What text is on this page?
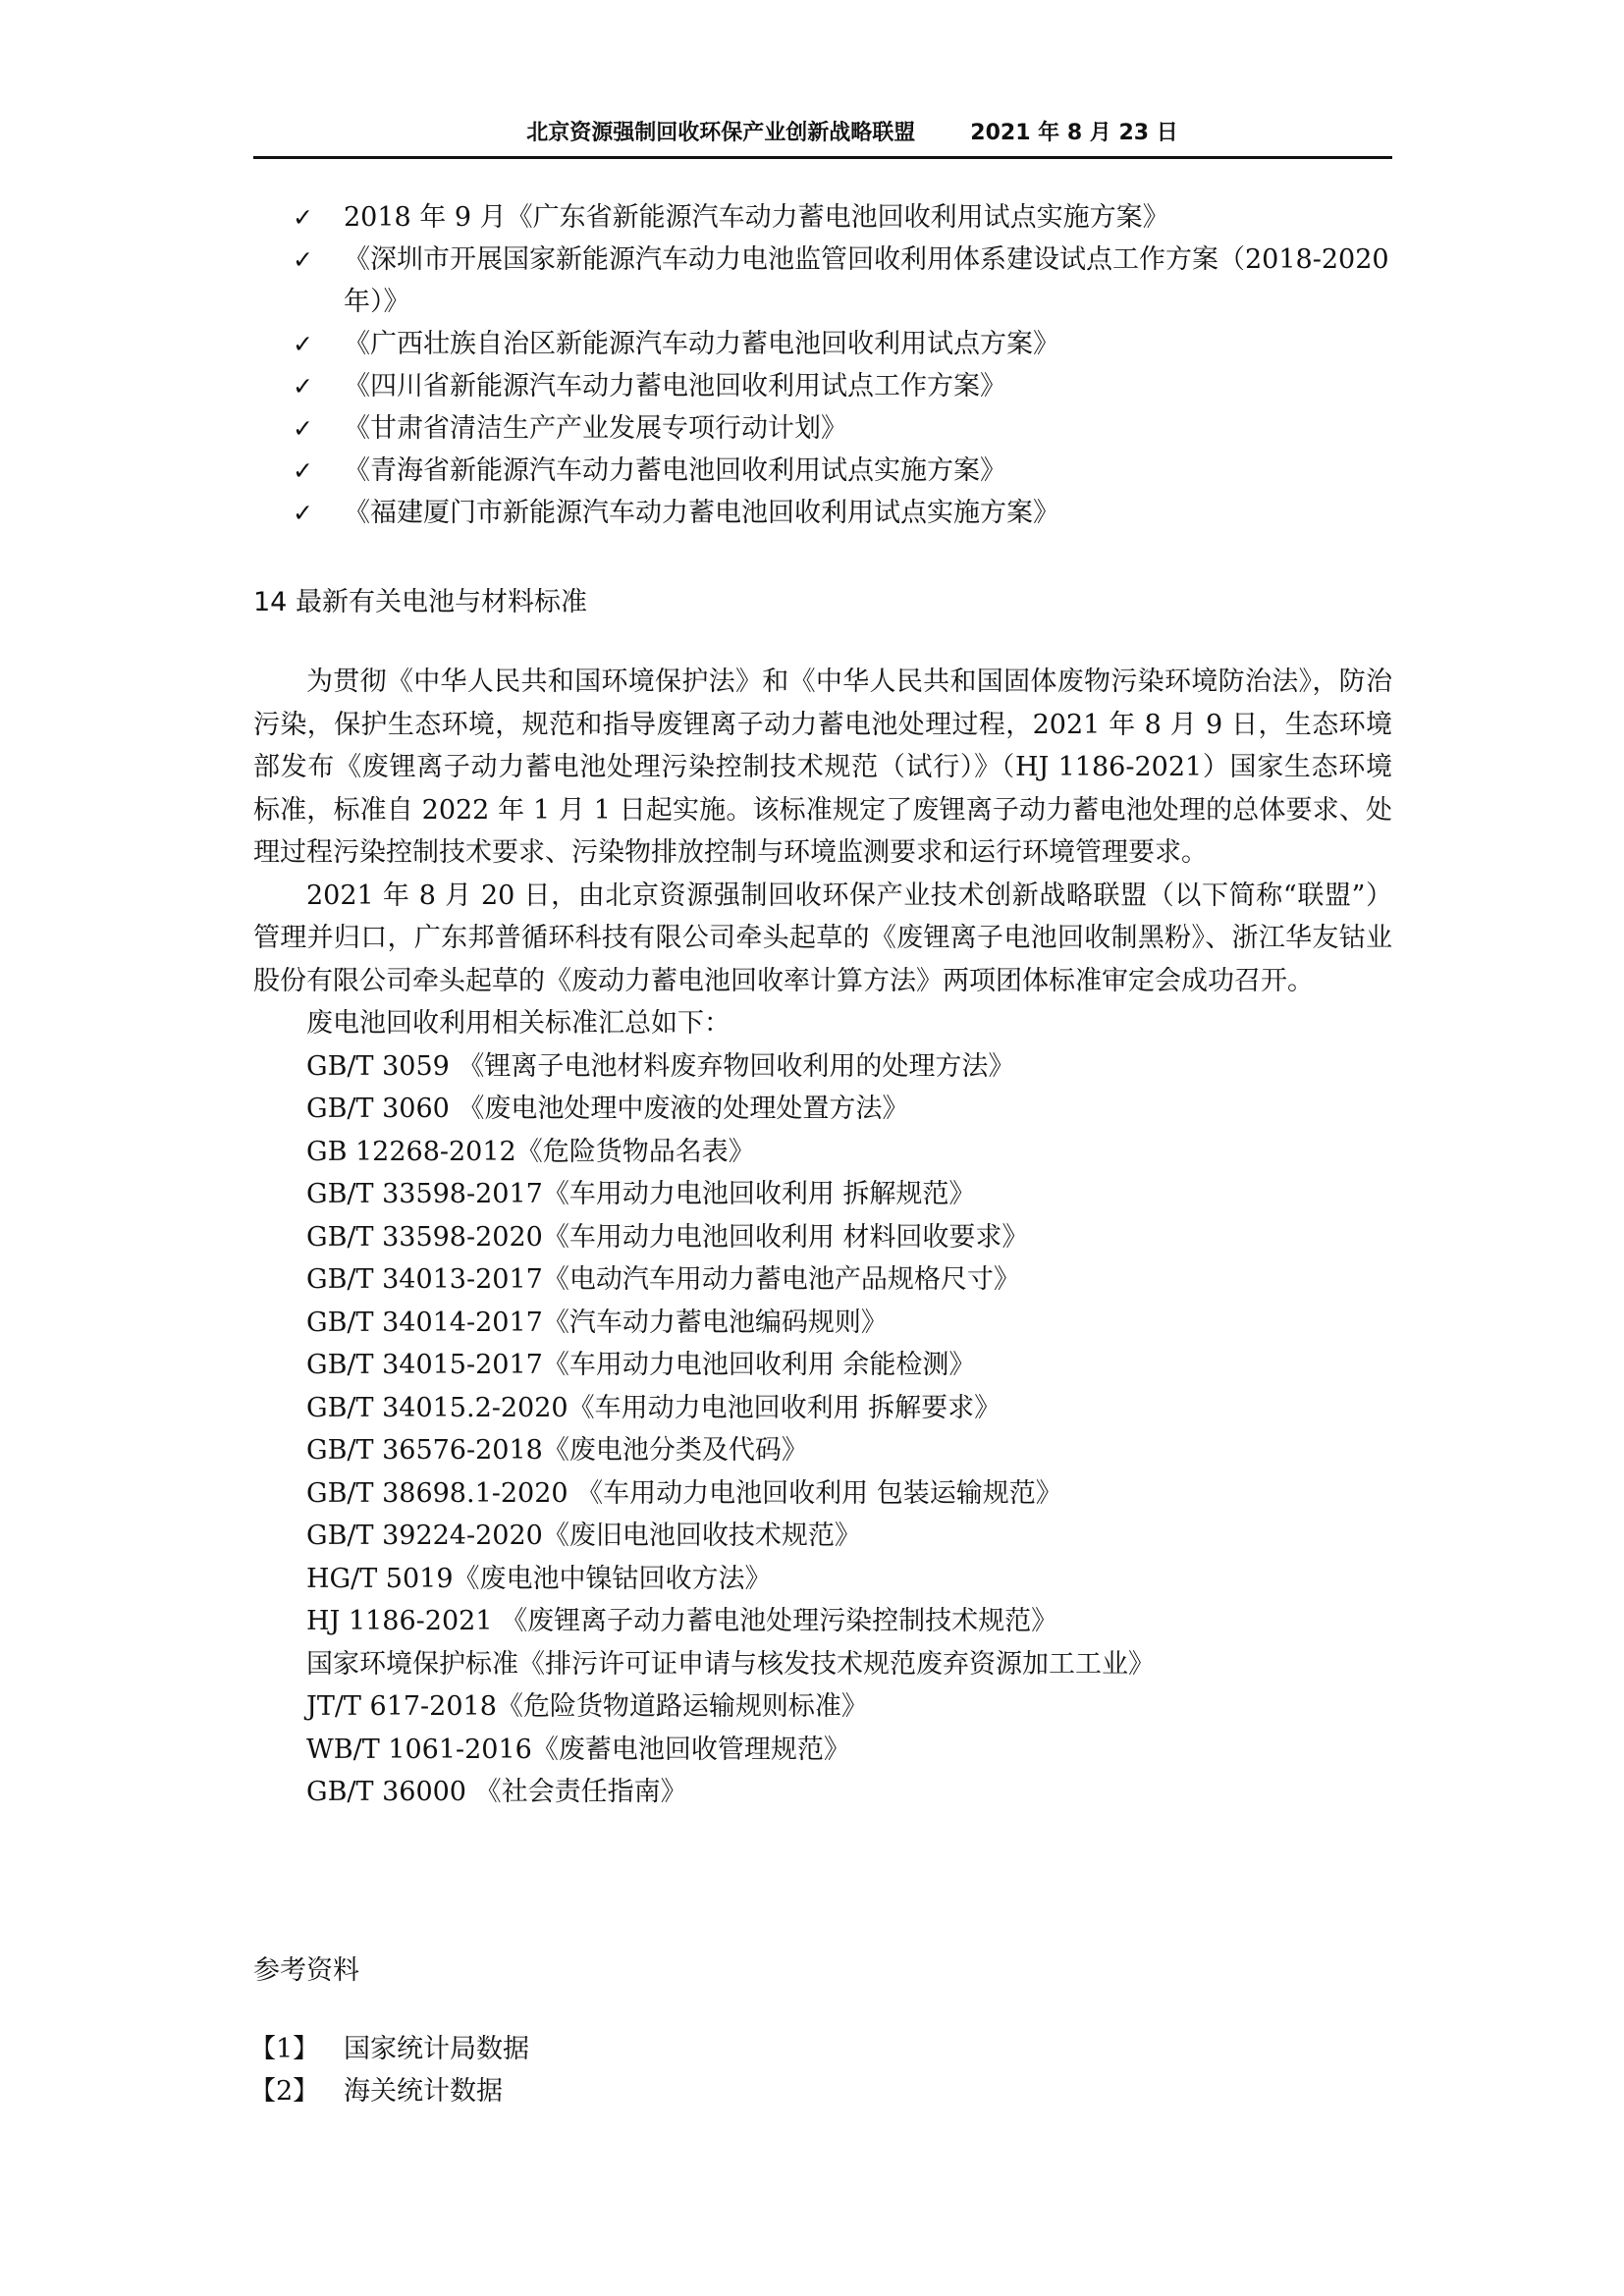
北京资源强制回收环保产业创新战略联盟	2021 年 8 月 23 日
✓	2018 年 9 月《广东省新能源汽车动力蓄电池回收利用试点实施方案》
✓	《深圳市开展国家新能源汽车动力电池监管回收利用体系建设试点工作方案（2018-2020 年）》
✓	《广西壮族自治区新能源汽车动力蓄电池回收利用试点方案》
✓	《四川省新能源汽车动力蓄电池回收利用试点工作方案》
✓	《甘肃省清洁生产产业发展专项行动计划》
✓	《青海省新能源汽车动力蓄电池回收利用试点实施方案》
✓	《福建厦门市新能源汽车动力蓄电池回收利用试点实施方案》
14 最新有关电池与材料标准

为贯彻《中华人民共和国环境保护法》和《中华人民共和国固体废物污染环境防治法》，防治污染，保护生态环境，规范和指导废锂离子动力蓄电池处理过程，2021 年 8 月 9 日，生态环境部发布《废锂离子动力蓄电池处理污染控制技术规范（试行）》（HJ 1186-2021）国家生态环境标准，标准自 2022 年 1 月 1 日起实施。该标准规定了废锂离子动力蓄电池处理的总体要求、处理过程污染控制技术要求、污染物排放控制与环境监测要求和运行环境管理要求。

2021 年 8 月 20 日，由北京资源强制回收环保产业技术创新战略联盟（以下简称“联盟”）管理并归口，广东邦普循环科技有限公司牵头起草的《废锂离子电池回收制黑粉》、浙江华友钴业股份有限公司牵头起草的《废动力蓄电池回收率计算方法》两项团体标准审定会成功召开。

废电池回收利用相关标准汇总如下：

GB/T 3059 《锂离子电池材料废弃物回收利用的处理方法》
GB/T 3060 《废电池处理中废液的处理处置方法》
GB 12268-2012《危险货物品名表》
GB/T 33598-2017《车用动力电池回收利用 拆解规范》
GB/T 33598-2020《车用动力电池回收利用 材料回收要求》
GB/T 34013-2017《电动汽车用动力蓄电池产品规格尺寸》
GB/T 34014-2017《汽车动力蓄电池编码规则》
GB/T 34015-2017《车用动力电池回收利用 余能检测》
GB/T 34015.2-2020《车用动力电池回收利用 拆解要求》
GB/T 36576-2018《废电池分类及代码》
GB/T 38698.1-2020 《车用动力电池回收利用 包装运输规范》
GB/T 39224-2020《废旧电池回收技术规范》
HG/T 5019《废电池中镍钴回收方法》
HJ 1186-2021 《废锂离子动力蓄电池处理污染控制技术规范》
国家环境保护标准《排污许可证申请与核发技术规范废弃资源加工工业》
JT/T 617-2018《危险货物道路运输规则标准》
WB/T 1061-2016《废蓄电池回收管理规范》
GB/T 36000 《社会责任指南》
参考资料
【1】 国家统计局数据
【2】 海关统计数据
